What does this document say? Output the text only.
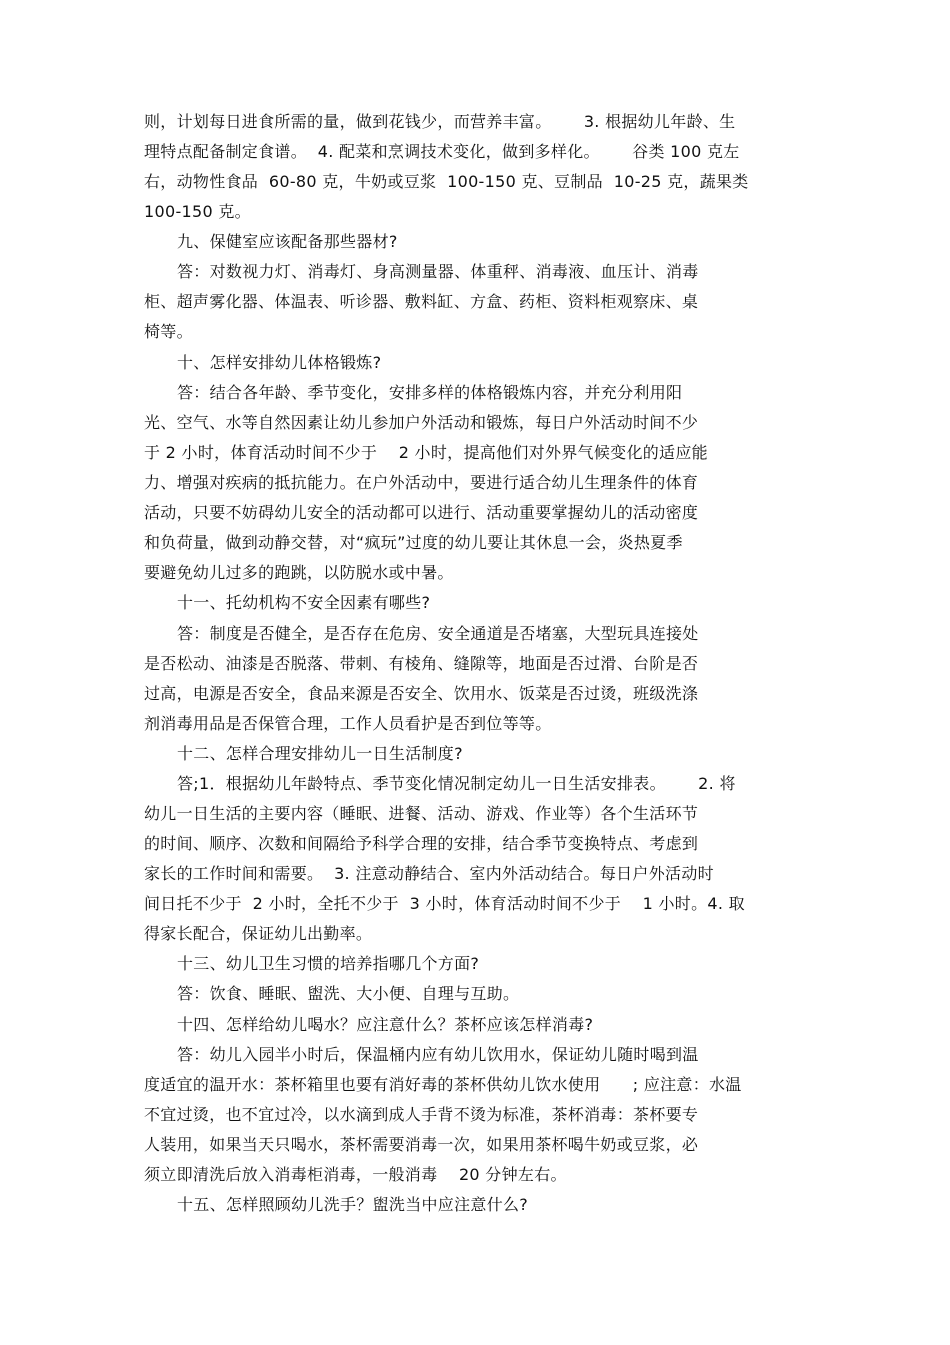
则，计划每日进食所需的量，做到花钱少，而营养丰富。      3. 根据幼儿年龄、生
理特点配备制定食谱。  4. 配菜和烹调技术变化，做到多样化。      谷类 100 克左
右，动物性食品  60-80 克，牛奶或豆浆  100-150 克、豆制品  10-25 克，蔬果类
100-150 克。
九、保健室应该配备那些器材?
答：对数视力灯、消毒灯、身高测量器、体重秤、消毒液、血压计、消毒
柜、超声雾化器、体温表、听诊器、敷料缸、方盒、药柜、资料柜观察床、桌
椅等。
十、怎样安排幼儿体格锻炼?
答：结合各年龄、季节变化，安排多样的体格锻炼内容，并充分利用阳
光、空气、水等自然因素让幼儿参加户外活动和锻炼，每日户外活动时间不少
于 2 小时，体育活动时间不少于    2 小时，提高他们对外界气候变化的适应能
力、增强对疾病的抵抗能力。在户外活动中，要进行适合幼儿生理条件的体育
活动，只要不妨碍幼儿安全的活动都可以进行、活动重要掌握幼儿的活动密度
和负荷量，做到动静交替，对“疯玩”过度的幼儿要让其休息一会，炎热夏季
要避免幼儿过多的跑跳，以防脱水或中暑。
十一、托幼机构不安全因素有哪些?
答：制度是否健全，是否存在危房、安全通道是否堵塞，大型玩具连接处
是否松动、油漆是否脱落、带刺、有棱角、缝隙等，地面是否过滑、台阶是否
过高，电源是否安全，食品来源是否安全、饮用水、饭菜是否过烫，班级洗涤
剂消毒用品是否保管合理，工作人员看护是否到位等等。
十二、怎样合理安排幼儿一日生活制度?
答;1．根据幼儿年龄特点、季节变化情况制定幼儿一日生活安排表。      2. 将
幼儿一日生活的主要内容（睡眠、进餐、活动、游戏、作业等）各个生活环节
的时间、顺序、次数和间隔给予科学合理的安排，结合季节变换特点、考虑到
家长的工作时间和需要。  3. 注意动静结合、室内外活动结合。每日户外活动时
间日托不少于  2 小时，全托不少于  3 小时，体育活动时间不少于    1 小时。4. 取
得家长配合，保证幼儿出勤率。
十三、幼儿卫生习惯的培养指哪几个方面?
答：饮食、睡眠、盥洗、大小便、自理与互助。
十四、怎样给幼儿喝水？应注意什么？茶杯应该怎样消毒?
答：幼儿入园半小时后，保温桶内应有幼儿饮用水，保证幼儿随时喝到温
度适宜的温开水：茶杯箱里也要有消好毒的茶杯供幼儿饮水使用      ; 应注意：水温
不宜过烫，也不宜过冷，以水滴到成人手背不烫为标准，茶杯消毒：茶杯要专
人装用，如果当天只喝水，茶杯需要消毒一次，如果用茶杯喝牛奶或豆浆，必
须立即清洗后放入消毒柜消毒，一般消毒    20 分钟左右。
十五、怎样照顾幼儿洗手？盥洗当中应注意什么?
